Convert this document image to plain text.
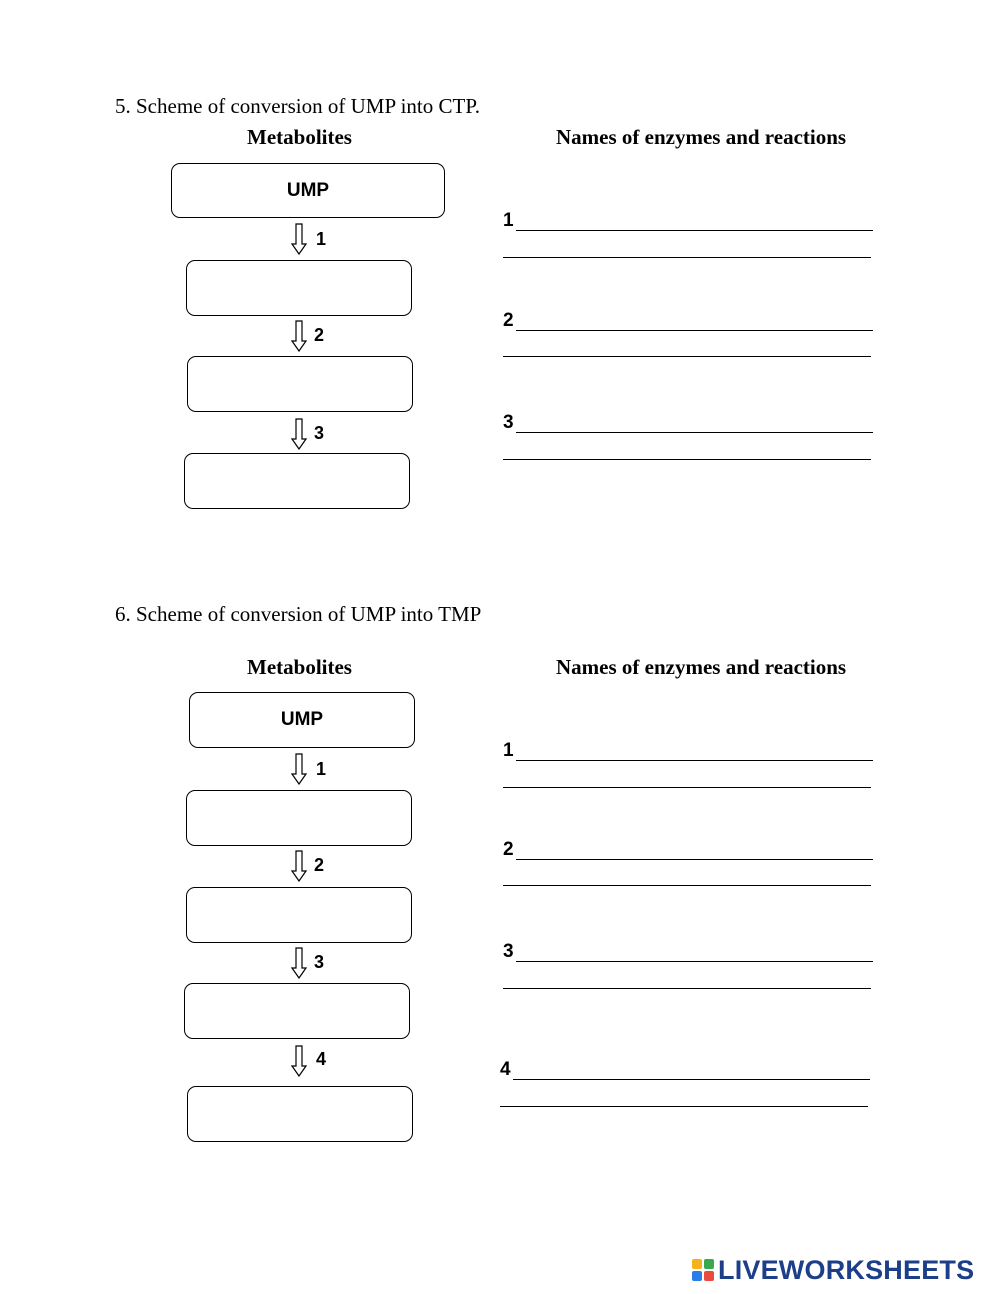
5. Scheme of conversion of UMP into CTP.
Metabolites	Names of enzymes and reactions
UMP
1
2
3
1
2
3
6. Scheme of conversion of UMP into TMP
Metabolites	Names of enzymes and reactions
UMP
1
2
3
4
1
2
3
4
LIVEWORKSHEETS
